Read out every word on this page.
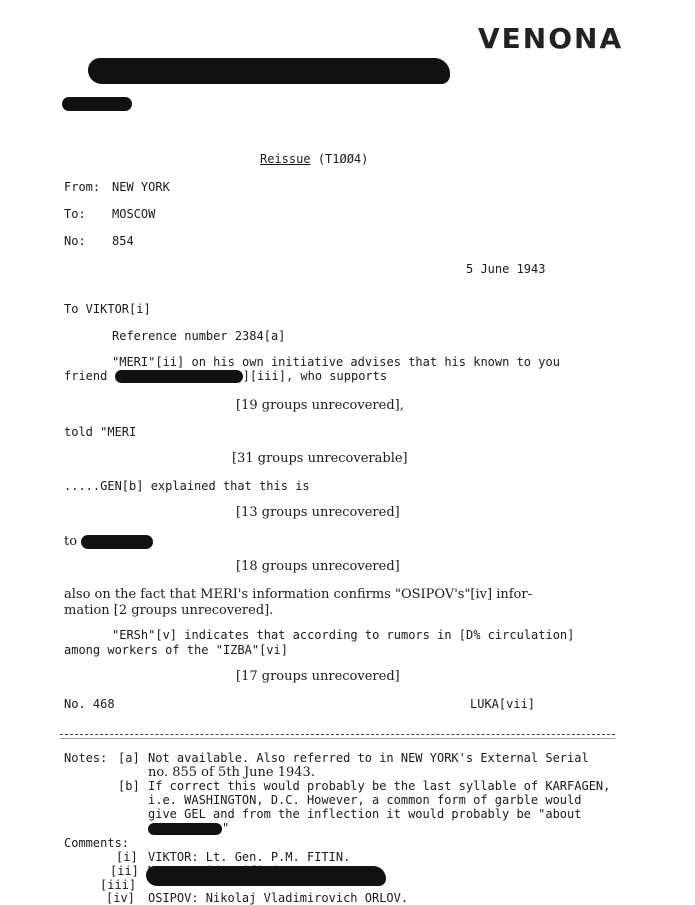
VENONA
Reissue (T1ØØ4)
From: NEW YORK
To: MOSCOW
No: 854
5 June 1943
To VIKTOR[i]
Reference number 2384[a]
"MERI"[ii] on his own initiative advises that his known to you
friend	][iii], who supports
[19 groups unrecovered],
told "MERI
[31 groups unrecoverable]
.....GEN[b] explained that this is
[13 groups unrecovered]
to
[18 groups unrecovered]
also on the fact that MERI's information confirms "OSIPOV's"[iv] infor-
mation [2 groups unrecovered].
"ERSh"[v] indicates that according to rumors in [D% circulation]
among workers of the "IZBA"[vi]
[17 groups unrecovered]
No. 468	LUKA[vii]
Notes: [a] Not available. Also referred to in NEW YORK's External Serial
no. 855 of 5th June 1943.
[b] If correct this would probably be the last syllable of KARFAGEN,
i.e. WASHINGTON, D.C. However, a common form of garble would
give GEL and from the inflection it would probably be "about
"
Comments:
[i] VIKTOR: Lt. Gen. P.M. FITIN.
[ii]
[iii]
[iv] OSIPOV: Nikolaj Vladimirovich ORLOV.
